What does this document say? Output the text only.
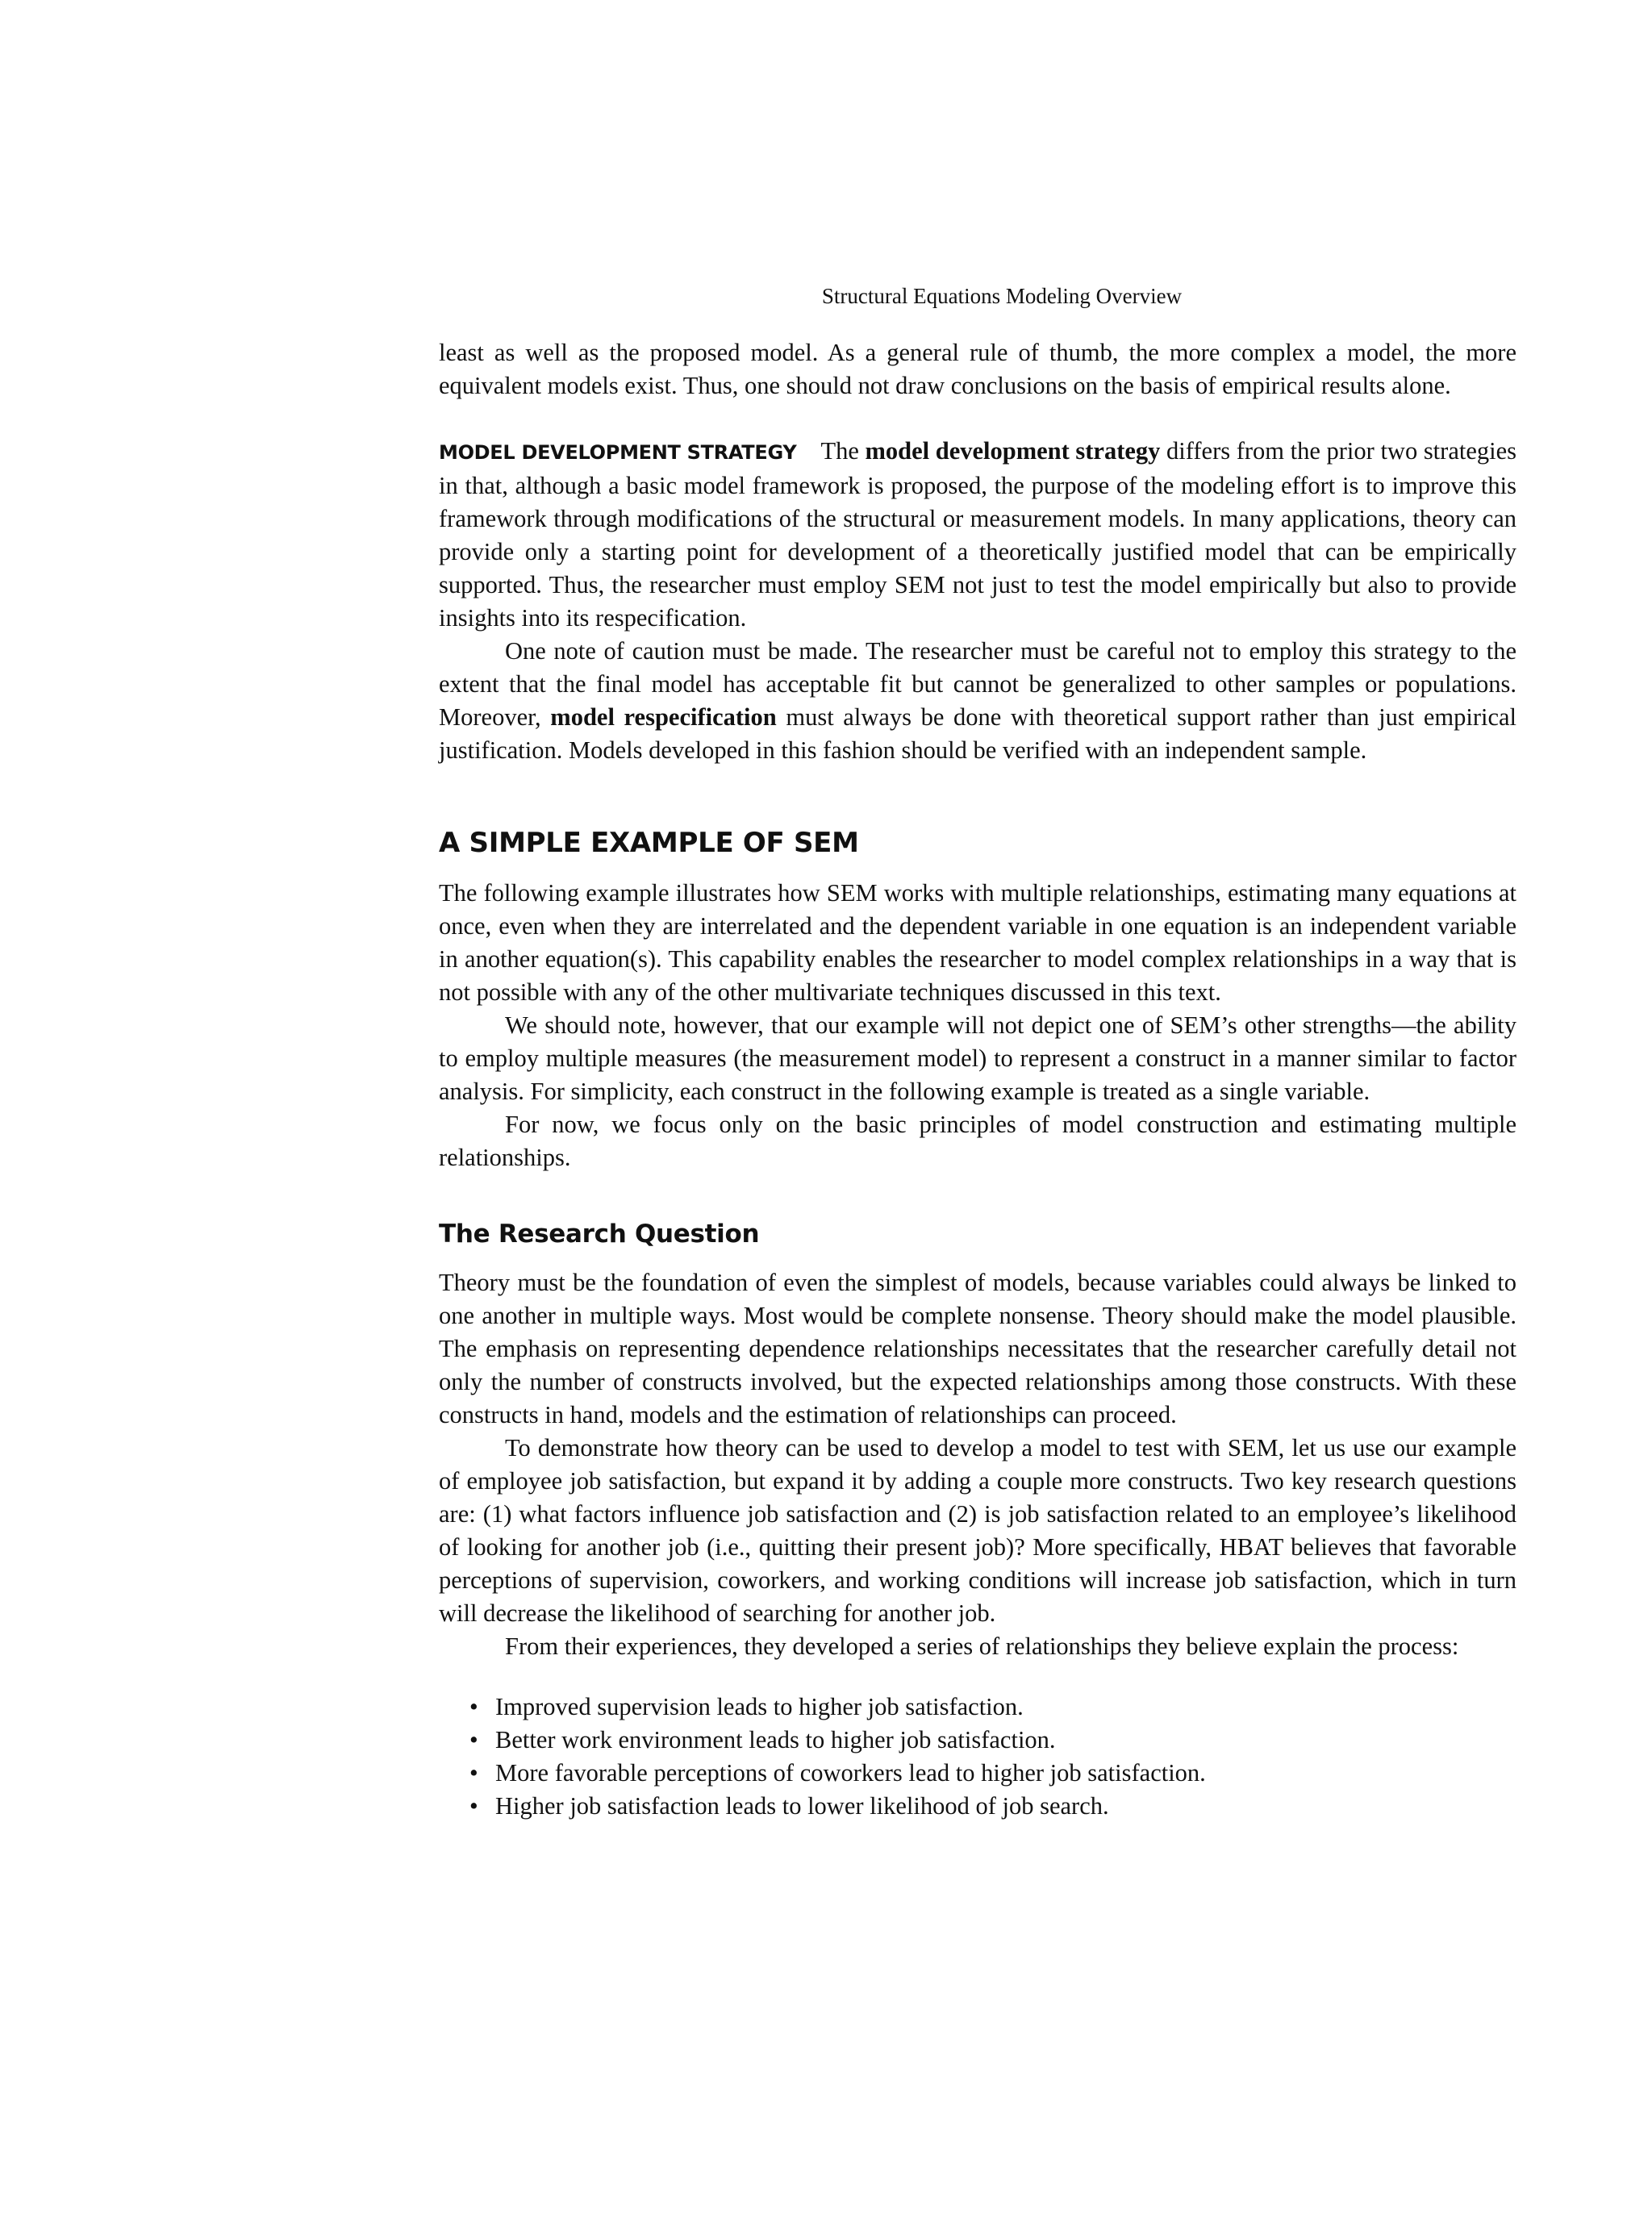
Structural Equations Modeling Overview

least as well as the proposed model. As a general rule of thumb, the more complex a model, the more equivalent models exist. Thus, one should not draw conclusions on the basis of empirical results alone.

MODEL DEVELOPMENT STRATEGY The model development strategy differs from the prior two strategies in that, although a basic model framework is proposed, the purpose of the modeling effort is to improve this framework through modifications of the structural or measurement models. In many applications, theory can provide only a starting point for development of a theoretically justified model that can be empirically supported. Thus, the researcher must employ SEM not just to test the model empirically but also to provide insights into its respecification.

One note of caution must be made. The researcher must be careful not to employ this strategy to the extent that the final model has acceptable fit but cannot be generalized to other samples or populations. Moreover, model respecification must always be done with theoretical support rather than just empirical justification. Models developed in this fashion should be verified with an independent sample.

A SIMPLE EXAMPLE OF SEM

The following example illustrates how SEM works with multiple relationships, estimating many equations at once, even when they are interrelated and the dependent variable in one equation is an independent variable in another equation(s). This capability enables the researcher to model complex relationships in a way that is not possible with any of the other multivariate techniques discussed in this text.

We should note, however, that our example will not depict one of SEM’s other strengths—the ability to employ multiple measures (the measurement model) to represent a construct in a manner similar to factor analysis. For simplicity, each construct in the following example is treated as a single variable.

For now, we focus only on the basic principles of model construction and estimating multiple relationships.

The Research Question

Theory must be the foundation of even the simplest of models, because variables could always be linked to one another in multiple ways. Most would be complete nonsense. Theory should make the model plausible. The emphasis on representing dependence relationships necessitates that the researcher carefully detail not only the number of constructs involved, but the expected relationships among those constructs. With these constructs in hand, models and the estimation of relationships can proceed.

To demonstrate how theory can be used to develop a model to test with SEM, let us use our example of employee job satisfaction, but expand it by adding a couple more constructs. Two key research questions are: (1) what factors influence job satisfaction and (2) is job satisfaction related to an employee’s likelihood of looking for another job (i.e., quitting their present job)? More specifically, HBAT believes that favorable perceptions of supervision, coworkers, and working conditions will increase job satisfaction, which in turn will decrease the likelihood of searching for another job.

From their experiences, they developed a series of relationships they believe explain the process:

• Improved supervision leads to higher job satisfaction.
• Better work environment leads to higher job satisfaction.
• More favorable perceptions of coworkers lead to higher job satisfaction.
• Higher job satisfaction leads to lower likelihood of job search.
